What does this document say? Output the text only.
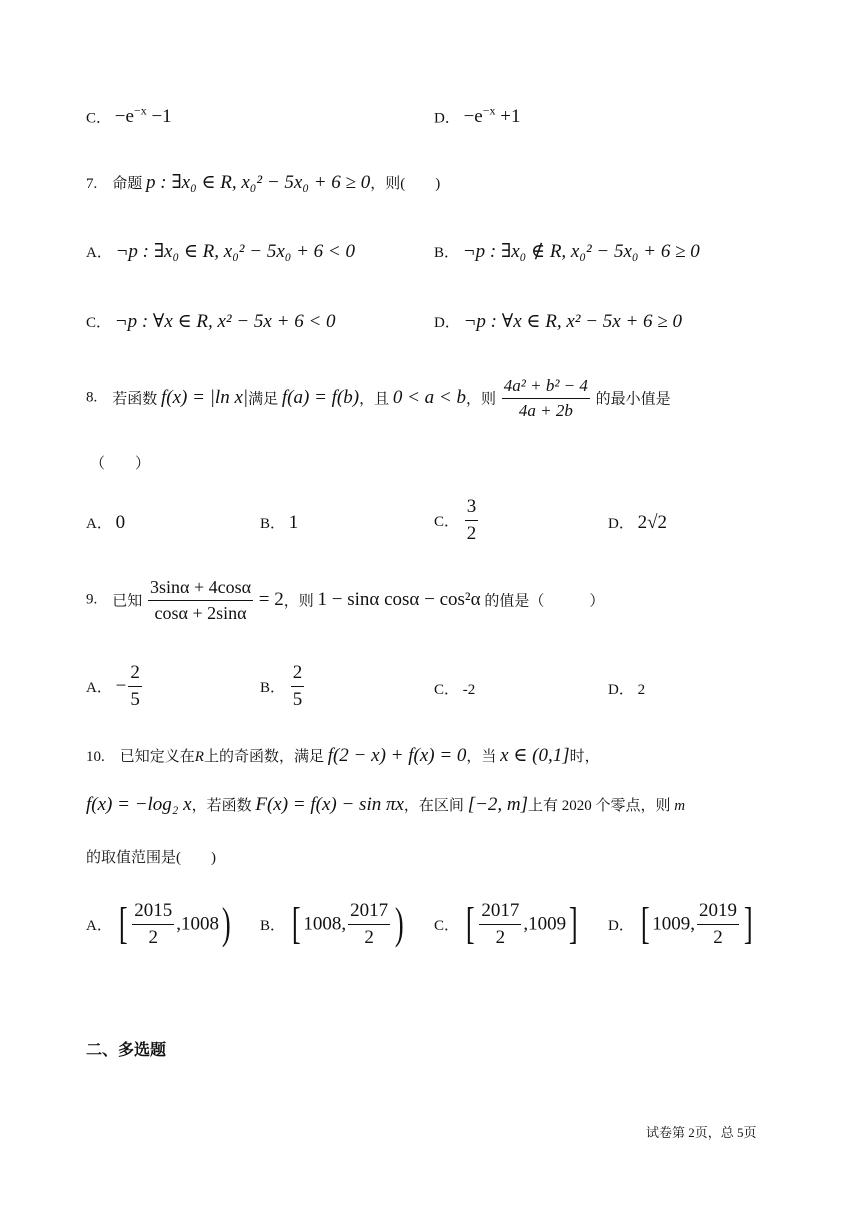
C． $-e^{-x} -1$	D． $-e^{-x} +1$
7. 命题 p : ∃x₀ ∈ R, x₀² − 5x₀ + 6 ≥ 0，则(　　)
A． ¬p : ∃x₀ ∈ R, x₀² − 5x₀ + 6 < 0	B． ¬p : ∃x₀ ∉ R, x₀² − 5x₀ + 6 ≥ 0
C． ¬p : ∀x ∈ R, x² − 5x + 6 < 0	D． ¬p : ∀x ∈ R, x² − 5x + 6 ≥ 0
8. 若函数 f(x) = |ln x|满足 f(a) = f(b)，且 0 < a < b，则 $\frac{\text{4a² + b² − 4}}{4a + 2b}$ 的最小值是
（　　）
A． 0	B． 1	C． $\frac{3}{2}$	D． 2√2
9. 已知 $\frac{3\sin\alpha + 4\cos\alpha}{\cos\alpha + 2\sin\alpha} = 2$，则 1 − sinα cosα − cos²α 的值是（　　　）
A． − $\frac{2}{5}$	B． $\frac{2}{5}$	C． -2	D． 2
10. 已知定义在R上的奇函数，满足 f(2 − x) + f(x) = 0，当 x ∈ (0,1]时，
f(x) = −log₂ x，若函数 F(x) = f(x) − sin πx，在区间 [−2, m]上有 2020 个零点，则 m
的取值范围是(　　)
A． [ $\frac{2015}{2} ,1008$) B． [ 1008, $\frac{2017}{2}$ ) C． [ $\frac{2017}{2} ,1009$] D． [ 1009, $\frac{2019}{2}$ ]
二、多选题
试卷第 2页，总 5页
